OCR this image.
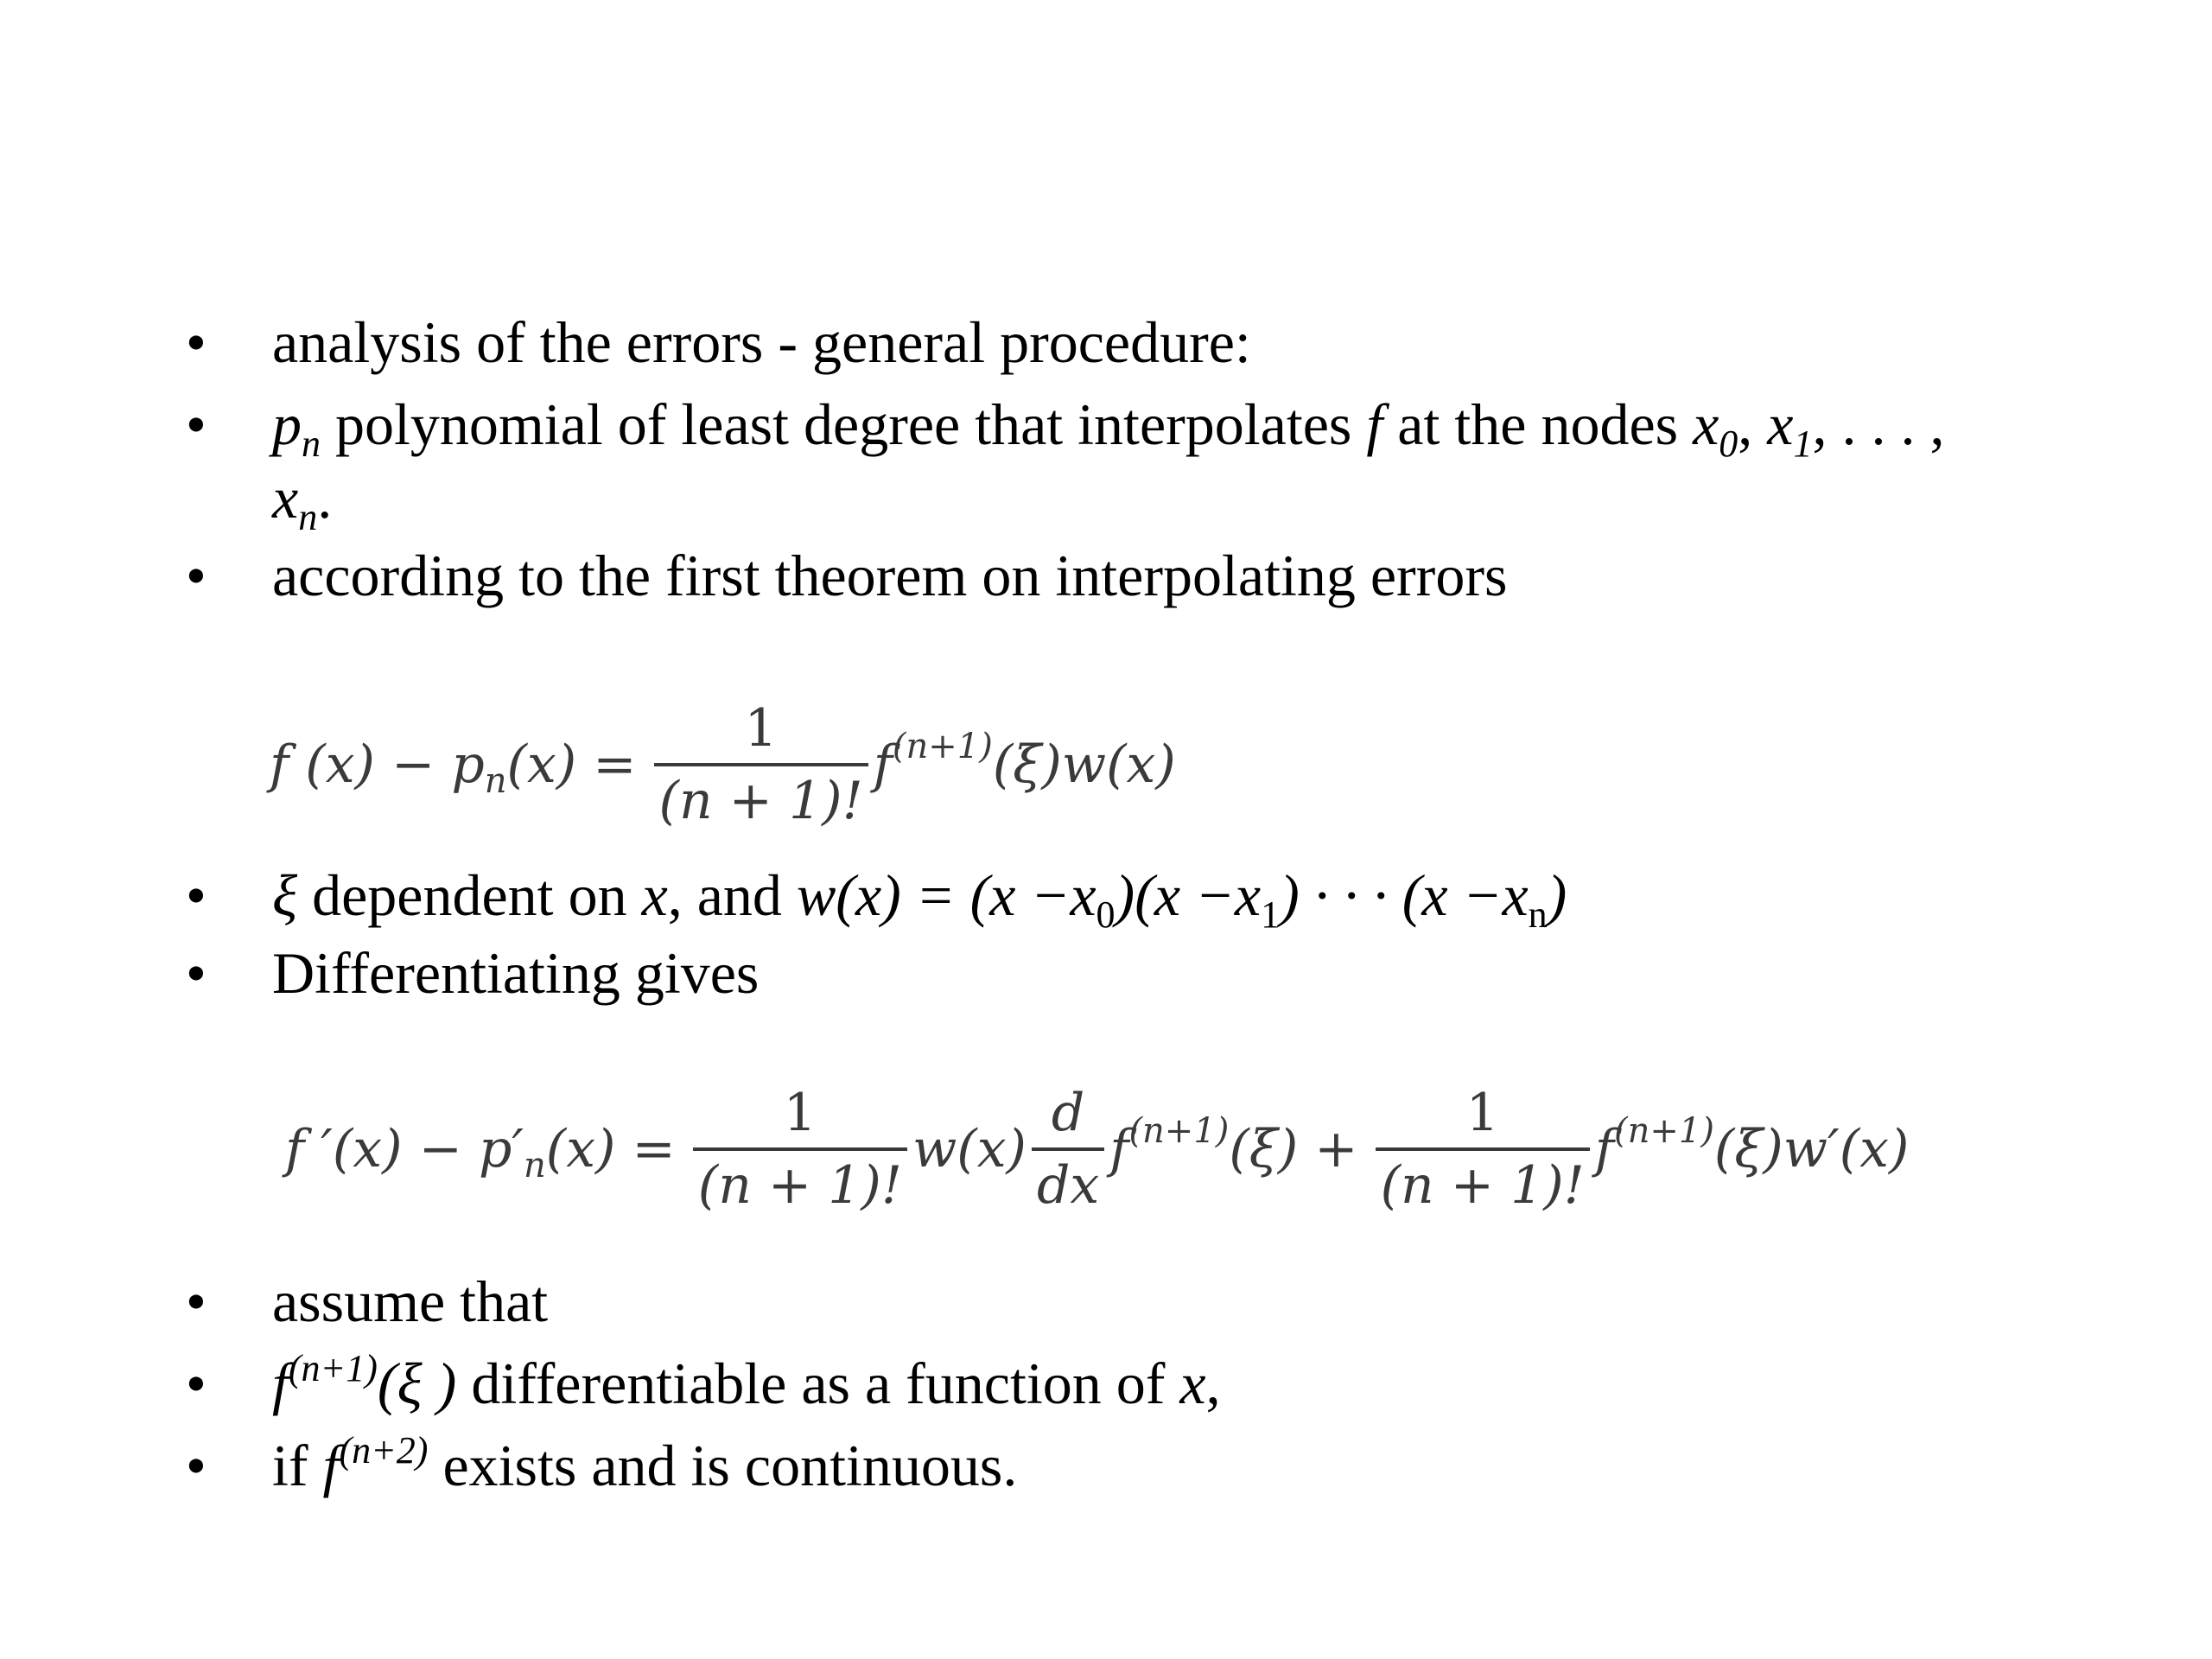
•	analysis of the errors - general procedure:
•	$p_n$ polynomial of least degree that interpolates f at the nodes $x_0$, $x_1$, . . . ,
$x_n$.
•	according to the first theorem on interpolating errors
f $(x) - p_n(x) = \frac{1}{(n + 1)!} f^{(n+1)}(\xi)w(x)$
•	ξ dependent on x, and $w(x) = (x -x_0)(x -x_1)$ · · · $(x -x_n)$
•	Differentiating gives
f $'(x) - p'_n(x) = \frac{1}{(n + 1)!} w(x) \frac{d}{dx} f^{(n+1)}(\xi) + \frac{1}{(n + 1)!} f^{(n+1)}(\xi)w'(x)$
•	assume that
•	$f^{(n+1)}(\xi$ ) differentiable as a function of x,
•	if $f^{(n+2)}$ exists and is continuous.
